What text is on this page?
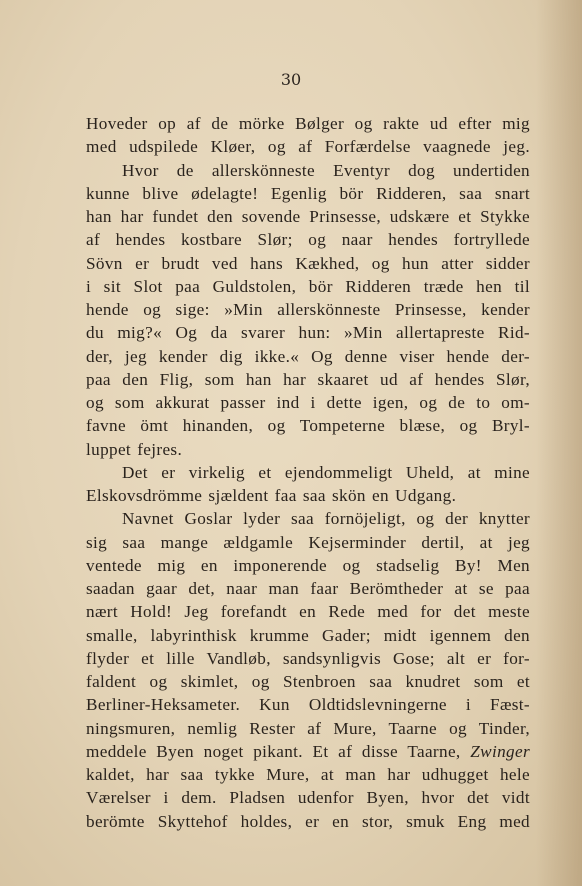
30
Hoveder op af de mörke Bølger og rakte ud efter mig
med udspilede Kløer, og af Forfærdelse vaagnede jeg.
Hvor de allerskönneste Eventyr dog undertiden
kunne blive ødelagte! Egenlig bör Ridderen, saa snart
han har fundet den sovende Prinsesse, udskære et Stykke
af hendes kostbare Slør; og naar hendes fortryllede
Sövn er brudt ved hans Kækhed, og hun atter sidder
i sit Slot paa Guldstolen, bör Ridderen træde hen til
hende og sige: »Min allerskönneste Prinsesse, kender
du mig?« Og da svarer hun: »Min allertapreste Rid-
der, jeg kender dig ikke.« Og denne viser hende der-
paa den Flig, som han har skaaret ud af hendes Slør,
og som akkurat passer ind i dette igen, og de to om-
favne ömt hinanden, og Tompeterne blæse, og Bryl-
luppet fejres.
Det er virkelig et ejendommeligt Uheld, at mine
Elskovsdrömme sjældent faa saa skön en Udgang.
Navnet Goslar lyder saa fornöjeligt, og der knytter
sig saa mange ældgamle Kejserminder dertil, at jeg
ventede mig en imponerende og stadselig By! Men
saadan gaar det, naar man faar Berömtheder at se paa
nært Hold! Jeg forefandt en Rede med for det meste
smalle, labyrinthisk krumme Gader; midt igennem den
flyder et lille Vandløb, sandsynligvis Gose; alt er for-
faldent og skimlet, og Stenbroen saa knudret som et
Berliner-Heksameter. Kun Oldtidslevningerne i Fæst-
ningsmuren, nemlig Rester af Mure, Taarne og Tinder,
meddele Byen noget pikant. Et af disse Taarne, Zwinger
kaldet, har saa tykke Mure, at man har udhugget hele
Værelser i dem. Pladsen udenfor Byen, hvor det vidt
berömte Skyttehof holdes, er en stor, smuk Eng med
